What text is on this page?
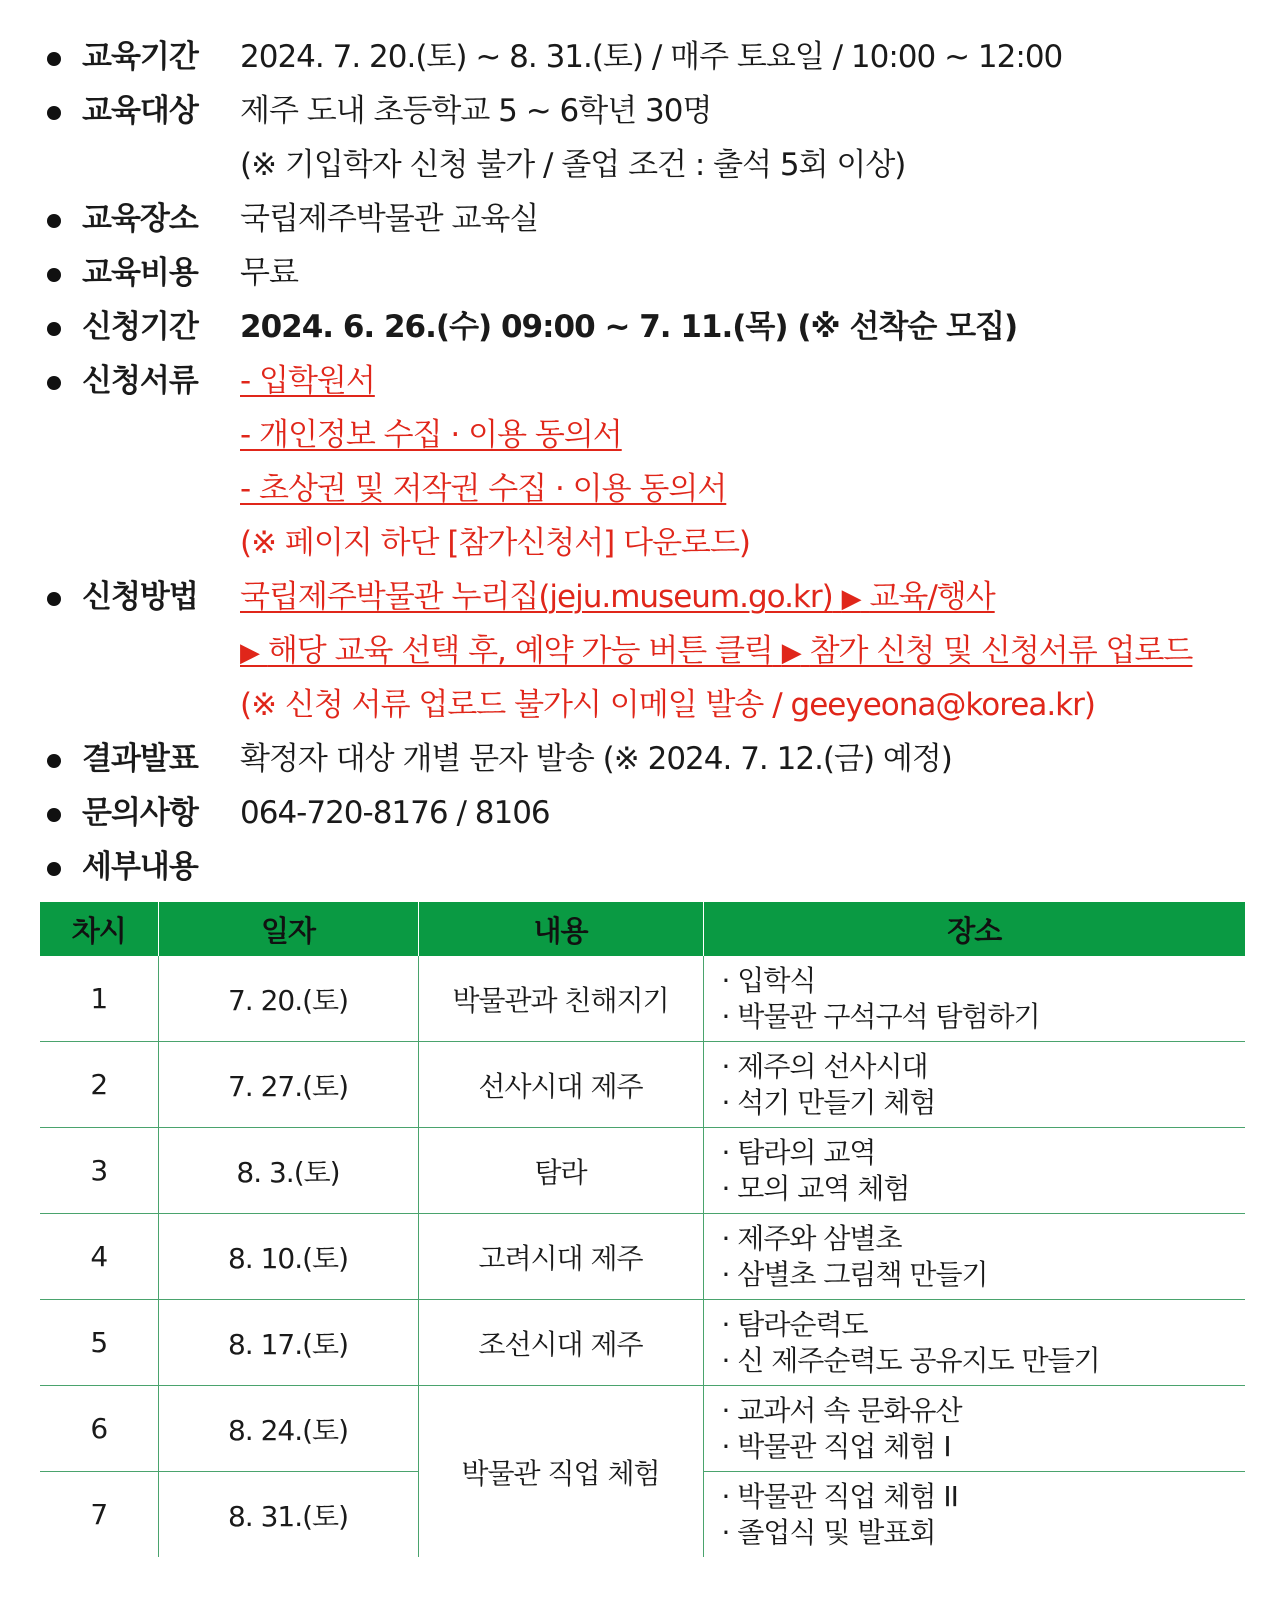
교육기간 2024. 7. 20.(토) ~ 8. 31.(토) / 매주 토요일 / 10:00 ~ 12:00
교육대상 제주 도내 초등학교 5 ~ 6학년 30명
(※ 기입학자 신청 불가 / 졸업 조건 : 출석 5회 이상)
교육장소 국립제주박물관 교육실
교육비용 무료
신청기간 2024. 6. 26.(수) 09:00 ~ 7. 11.(목) (※ 선착순 모집)
신청서류 - 입학원서
- 개인정보 수집 · 이용 동의서
- 초상권 및 저작권 수집 · 이용 동의서
(※ 페이지 하단 [참가신청서] 다운로드)
신청방법 국립제주박물관 누리집(jeju.museum.go.kr) ▶ 교육/행사
▶ 해당 교육 선택 후, 예약 가능 버튼 클릭 ▶ 참가 신청 및 신청서류 업로드
(※ 신청 서류 업로드 불가시 이메일 발송 / geeyeona@korea.kr)
결과발표 확정자 대상 개별 문자 발송 (※ 2024. 7. 12.(금) 예정)
문의사항 064-720-8176 / 8106
세부내용
차시	일자	내용	장소
1	7. 20.(토)	박물관과 친해지기	· 입학식
· 박물관 구석구석 탐험하기

2	7. 27.(토)	선사시대 제주	· 제주의 선사시대
· 석기 만들기 체험

3	8. 3.(토)	탐라	· 탐라의 교역
· 모의 교역 체험

4	8. 10.(토)	고려시대 제주	· 제주와 삼별초
· 삼별초 그림책 만들기

5	8. 17.(토)	조선시대 제주	· 탐라순력도
· 신 제주순력도 공유지도 만들기

6	8. 24.(토)	박물관 직업 체험	· 교과서 속 문화유산
· 박물관 직업 체험 I

7	8. 31.(토)		· 박물관 직업 체험 II
· 졸업식 및 발표회
